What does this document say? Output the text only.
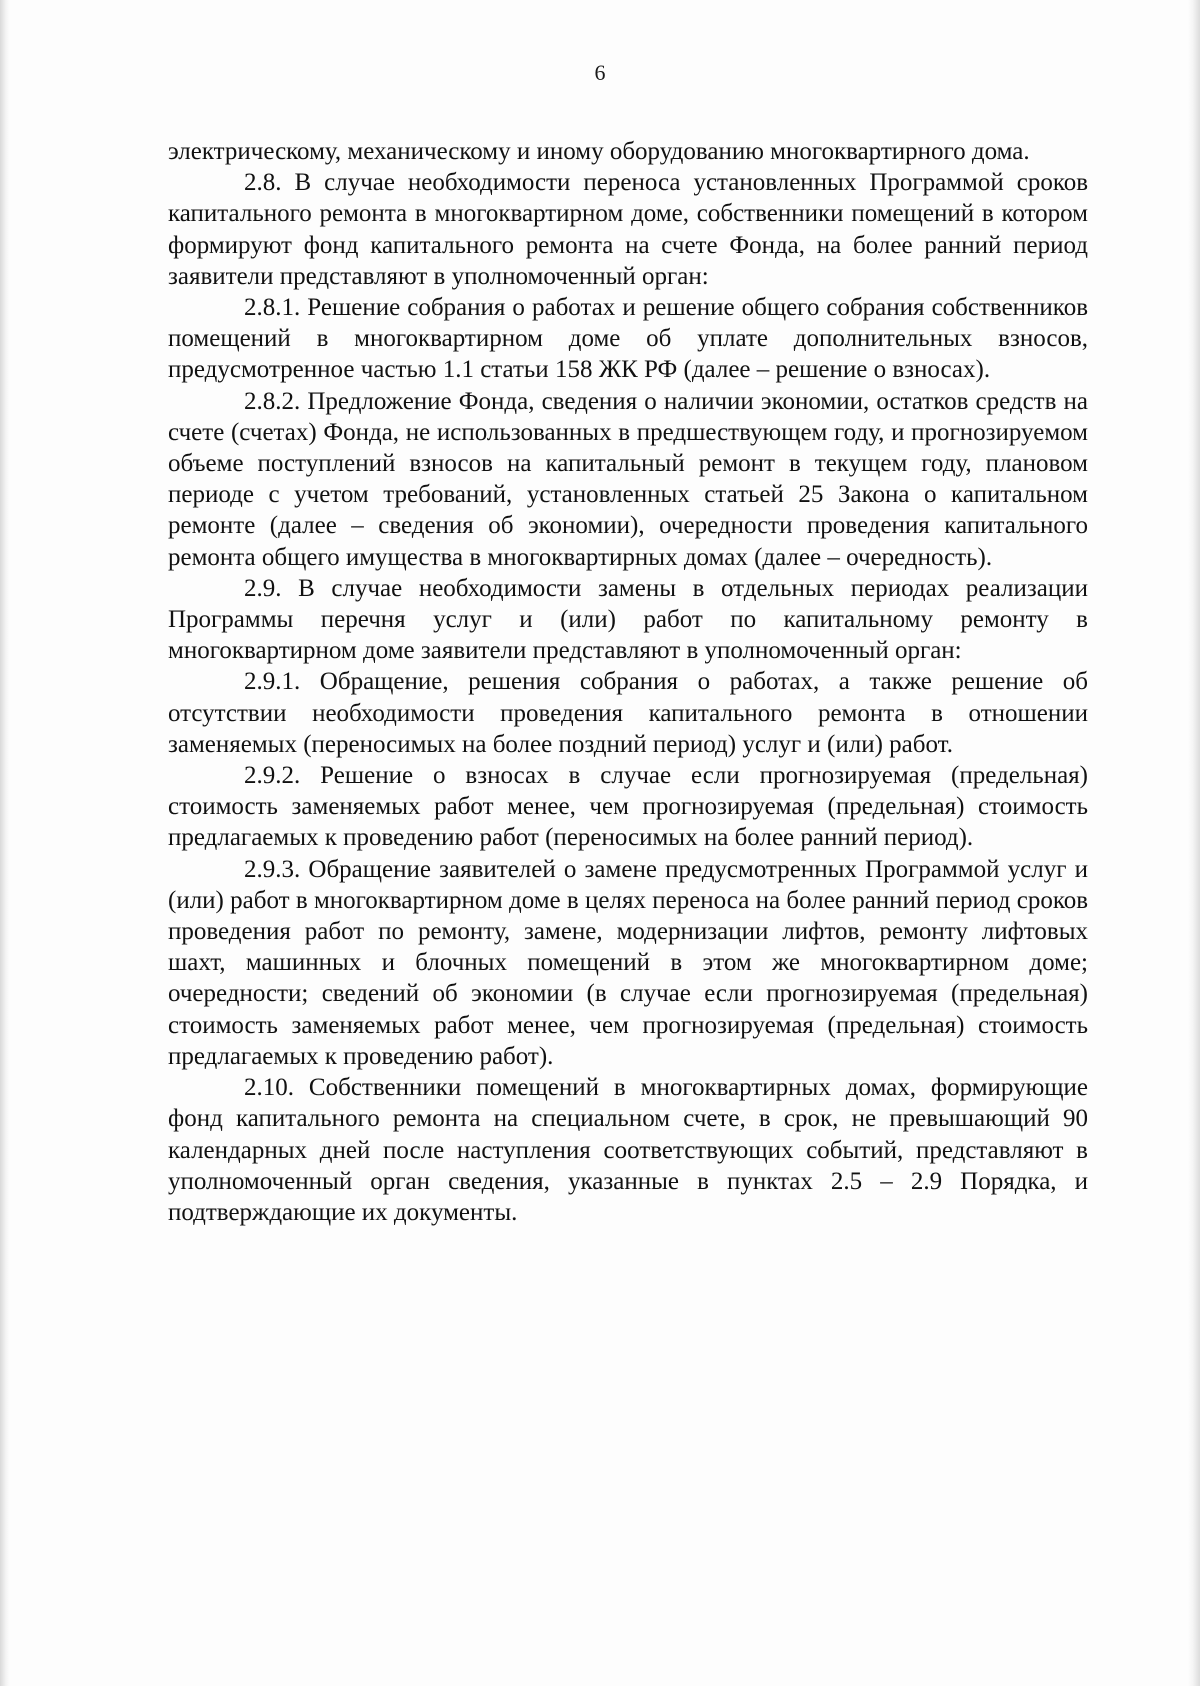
6

электрическому, механическому и иному оборудованию многоквартирного дома.

2.8. В случае необходимости переноса установленных Программой сроков капитального ремонта в многоквартирном доме, собственники помещений в котором формируют фонд капитального ремонта на счете Фонда, на более ранний период заявители представляют в уполномоченный орган:

2.8.1. Решение собрания о работах и решение общего собрания собственников помещений в многоквартирном доме об уплате дополнительных взносов, предусмотренное частью 1.1 статьи 158 ЖК РФ (далее – решение о взносах).

2.8.2. Предложение Фонда, сведения о наличии экономии, остатков средств на счете (счетах) Фонда, не использованных в предшествующем году, и прогнозируемом объеме поступлений взносов на капитальный ремонт в текущем году, плановом периоде с учетом требований, установленных статьей 25 Закона о капитальном ремонте (далее – сведения об экономии), очередности проведения капитального ремонта общего имущества в многоквартирных домах (далее – очередность).

2.9. В случае необходимости замены в отдельных периодах реализации Программы перечня услуг и (или) работ по капитальному ремонту в многоквартирном доме заявители представляют в уполномоченный орган:

2.9.1. Обращение, решения собрания о работах, а также решение об отсутствии необходимости проведения капитального ремонта в отношении заменяемых (переносимых на более поздний период) услуг и (или) работ.

2.9.2. Решение о взносах в случае если прогнозируемая (предельная) стоимость заменяемых работ менее, чем прогнозируемая (предельная) стоимость предлагаемых к проведению работ (переносимых на более ранний период).

2.9.3. Обращение заявителей о замене предусмотренных Программой услуг и (или) работ в многоквартирном доме в целях переноса на более ранний период сроков проведения работ по ремонту, замене, модернизации лифтов, ремонту лифтовых шахт, машинных и блочных помещений в этом же многоквартирном доме; очередности; сведений об экономии (в случае если прогнозируемая (предельная) стоимость заменяемых работ менее, чем прогнозируемая (предельная) стоимость предлагаемых к проведению работ).

2.10. Собственники помещений в многоквартирных домах, формирующие фонд капитального ремонта на специальном счете, в срок, не превышающий 90 календарных дней после наступления соответствующих событий, представляют в уполномоченный орган сведения, указанные в пунктах 2.5 – 2.9 Порядка, и подтверждающие их документы.
